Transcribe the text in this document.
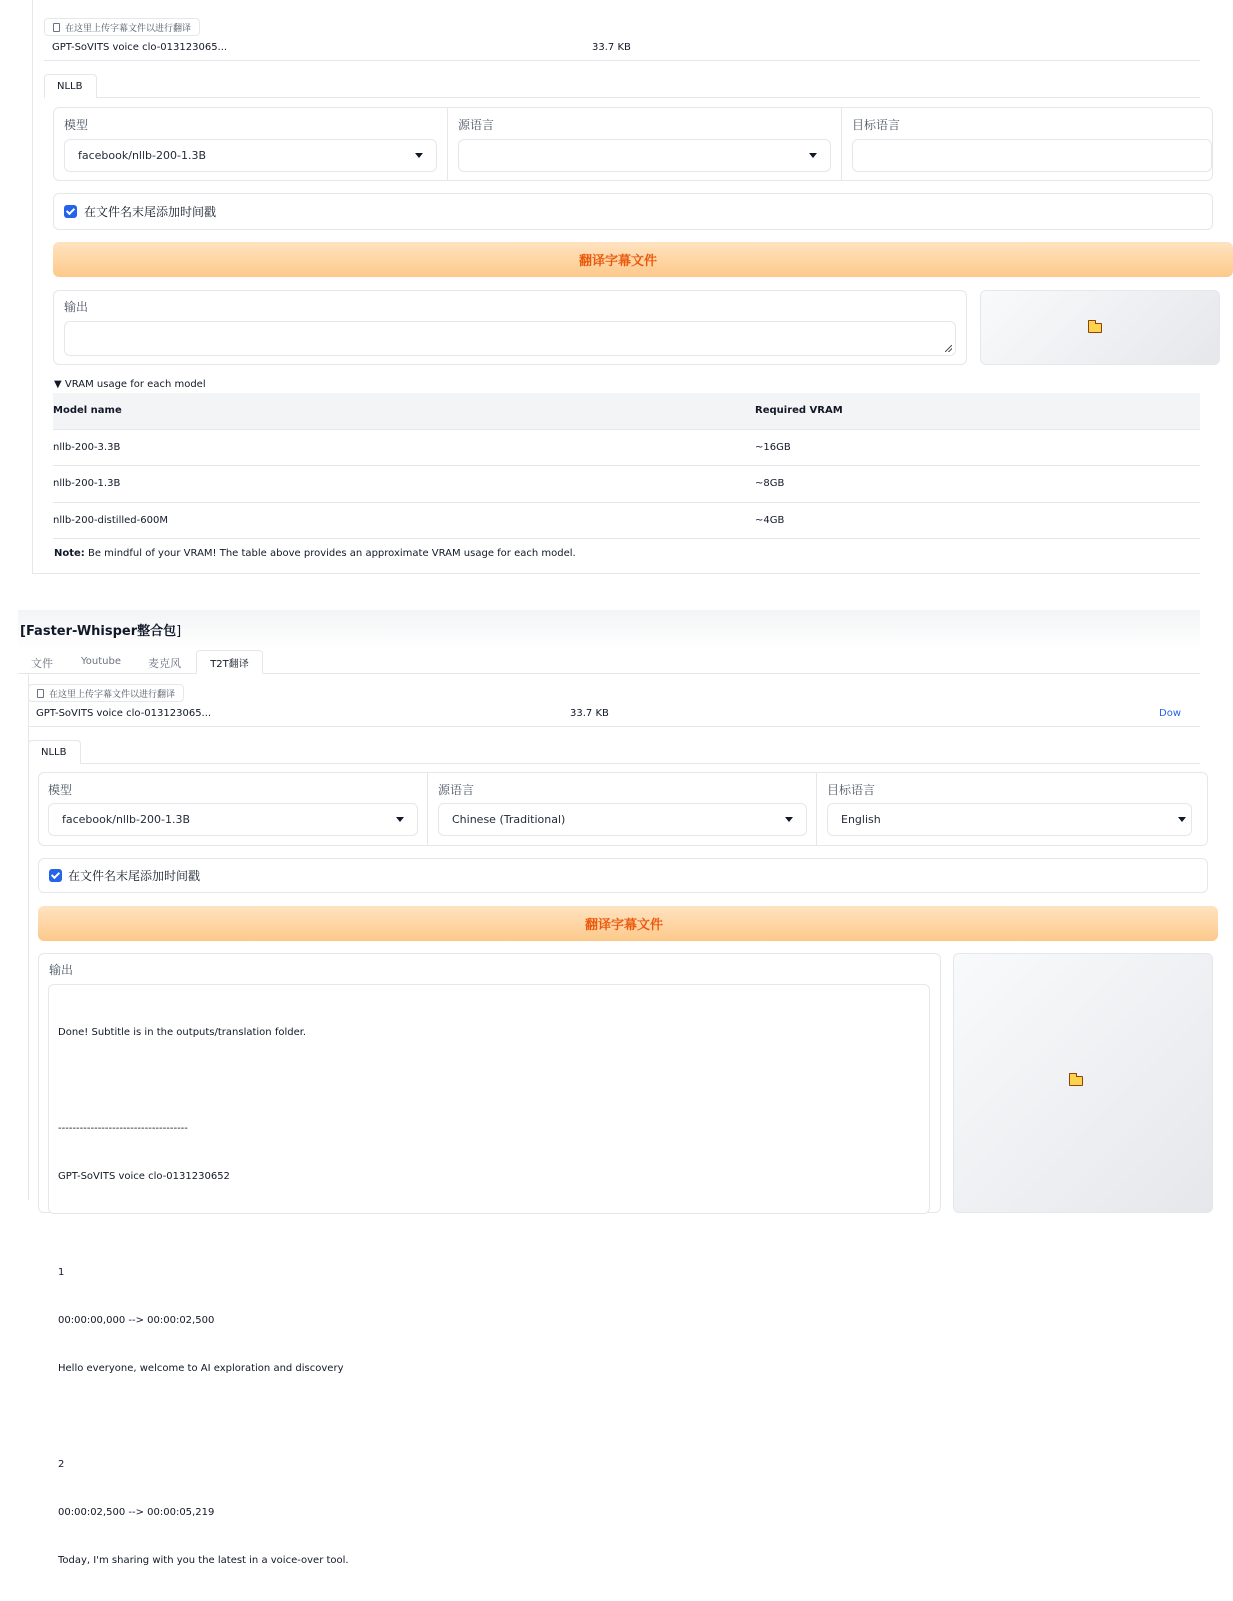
在这里上传字幕文件以进行翻译
GPT-SoVITS voice clo-013123065...	33.7 KB
NLLB
模型
facebook/nllb-200-1.3B
源语言	目标语言
在文件名末尾添加时间戳
翻译字幕文件
输出
▼ VRAM usage for each model
Model name	Required VRAM
nllb-200-3.3B	~16GB
nllb-200-1.3B	~8GB
nllb-200-distilled-600M	~4GB
Note: Be mindful of your VRAM! The table above provides an approximate VRAM usage for each model.
[Faster-Whisper整合包]
文件	Youtube 麦克风	T2T翻译
在这里上传字幕文件以进行翻译
GPT-SoVITS voice clo-013123065...	33.7 KB	Dow
NLLB
模型
facebook/nllb-200-1.3B
源语言
Chinese (Traditional)
目标语言
English
在文件名末尾添加时间戳
翻译字幕文件
输出

Done! Subtitle is in the outputs/translation folder.

------------------------------------

GPT-SoVITS voice clo-0131230652

1

00:00:00,000 --> 00:00:02,500

Hello everyone, welcome to AI exploration and discovery

2

00:00:02,500 --> 00:00:05,219

Today, I'm sharing with you the latest in a voice-over tool.
